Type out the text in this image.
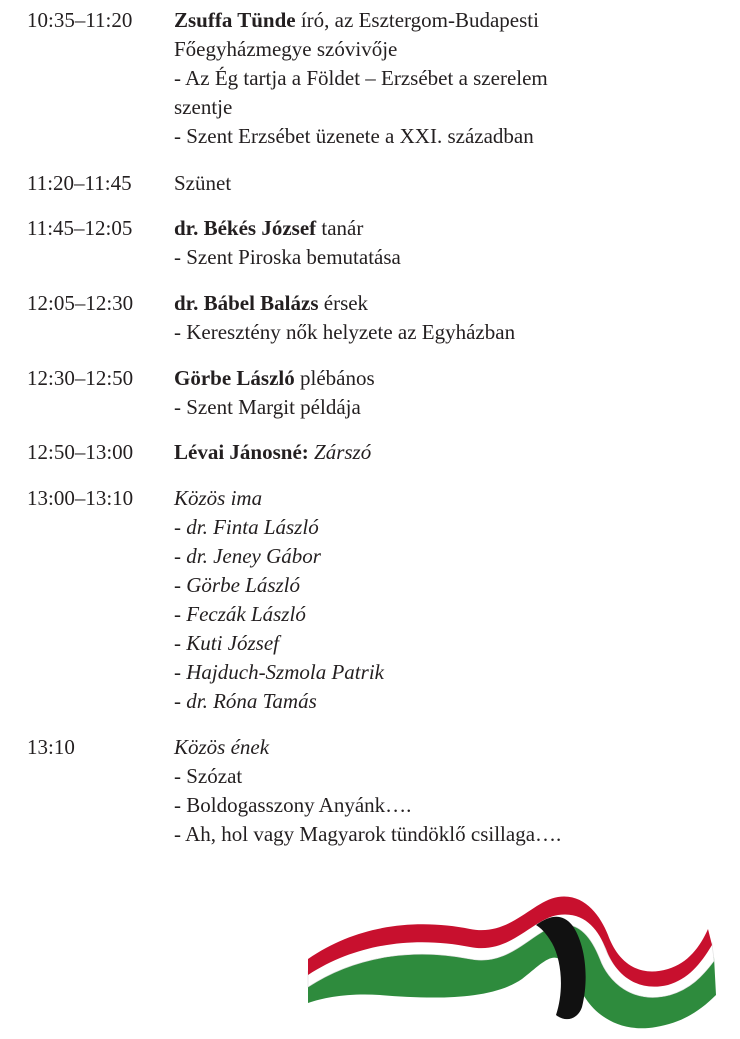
10:35–11:20 Zsuffa Tünde író, az Esztergom-Budapesti
Főegyházmegye szóvivője
- Az Ég tartja a Földet – Erzsébet a szerelem
szentje
- Szent Erzsébet üzenete a XXI. században
11:20–11:45 Szünet
11:45–12:05 dr. Békés József tanár
- Szent Piroska bemutatása
12:05–12:30 dr. Bábel Balázs érsek
- Keresztény nők helyzete az Egyházban
12:30–12:50 Görbe László plébános
- Szent Margit példája
12:50–13:00 Lévai Jánosné: Zárszó
13:00–13:10 Közös ima
- dr. Finta László
- dr. Jeney Gábor
- Görbe László
- Feczák László
- Kuti József
- Hajduch-Szmola Patrik
- dr. Róna Tamás
13:10	Közös ének
- Szózat
- Boldogasszony Anyánk….
- Ah, hol vagy Magyarok tündöklő csillaga….
